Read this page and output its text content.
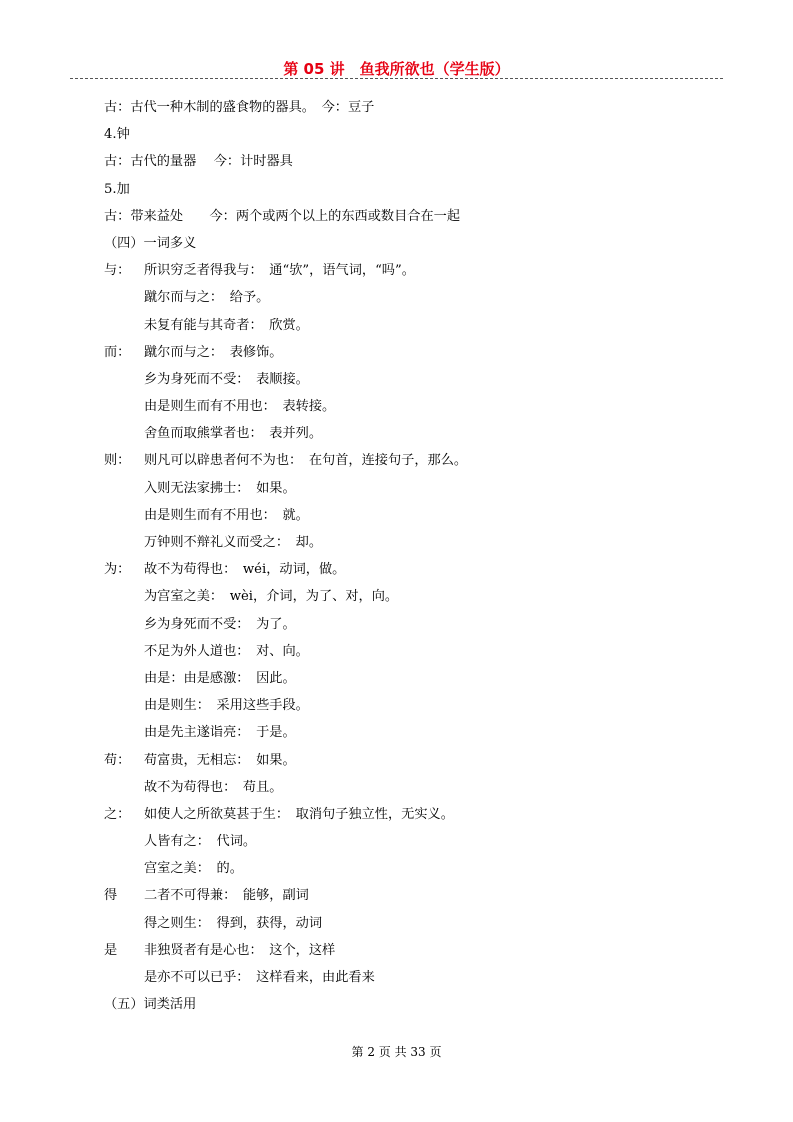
第 05 讲　鱼我所欲也（学生版）
古：古代一种木制的盛食物的器具。　今：豆子
4.钟
古：古代的量器　 今：计时器具
5.加
古：带来益处　　今：两个或两个以上的东西或数目合在一起
（四）一词多义
与： 所识穷乏者得我与：　通“欤”，语气词，“吗”。
蹴尔而与之：　给予。
未复有能与其奇者：　欣赏。
而： 蹴尔而与之：　表修饰。
乡为身死而不受：　表顺接。
由是则生而有不用也：　表转接。
舍鱼而取熊掌者也：　表并列。
则： 则凡可以辟患者何不为也：　在句首，连接句子，那么。
入则无法家拂士：　如果。
由是则生而有不用也：　就。
万钟则不辩礼义而受之：　却。
为： 故不为苟得也：　wéi，动词，做。
为宫室之美：　wèi，介词，为了、对，向。
乡为身死而不受：　为了。
不足为外人道也：　对、向。
由是：由是感激：　因此。
由是则生：　采用这些手段。
由是先主遂诣亮：　于是。
苟： 苟富贵，无相忘：　如果。
故不为苟得也：　苟且。
之： 如使人之所欲莫甚于生：　取消句子独立性，无实义。
人皆有之：　代词。
宫室之美：　的。
得 二者不可得兼：　能够，副词
得之则生：　得到，获得，动词
是 非独贤者有是心也：　这个，这样
是亦不可以已乎：　这样看来，由此看来
（五）词类活用
第 2 页 共 33 页
